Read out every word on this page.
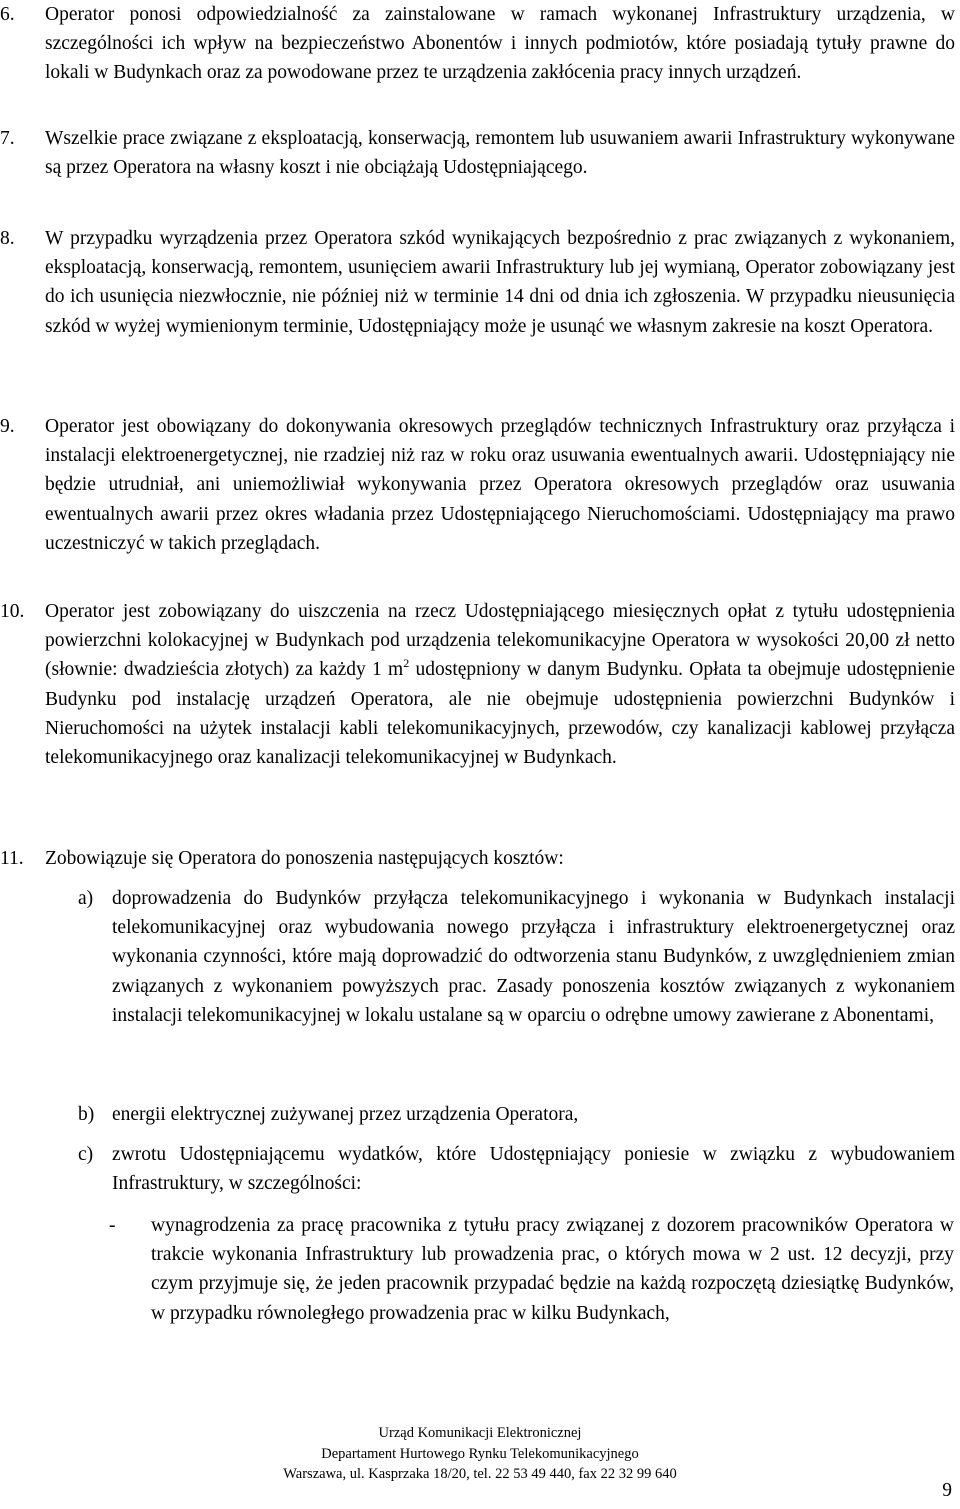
6. Operator ponosi odpowiedzialność za zainstalowane w ramach wykonanej Infrastruktury urządzenia, w szczególności ich wpływ na bezpieczeństwo Abonentów i innych podmiotów, które posiadają tytuły prawne do lokali w Budynkach oraz za powodowane przez te urządzenia zakłócenia pracy innych urządzeń.
7. Wszelkie prace związane z eksploatacją, konserwacją, remontem lub usuwaniem awarii Infrastruktury wykonywane są przez Operatora na własny koszt i nie obciążają Udostępniającego.
8. W przypadku wyrządzenia przez Operatora szkód wynikających bezpośrednio z prac związanych z wykonaniem, eksploatacją, konserwacją, remontem, usunięciem awarii Infrastruktury lub jej wymianą, Operator zobowiązany jest do ich usunięcia niezwłocznie, nie później niż w terminie 14 dni od dnia ich zgłoszenia. W przypadku nieusunięcia szkód w wyżej wymienionym terminie, Udostępniający może je usunąć we własnym zakresie na koszt Operatora.
9. Operator jest obowiązany do dokonywania okresowych przeglądów technicznych Infrastruktury oraz przyłącza i instalacji elektroenergetycznej, nie rzadziej niż raz w roku oraz usuwania ewentualnych awarii. Udostępniający nie będzie utrudniał, ani uniemożliwiał wykonywania przez Operatora okresowych przeglądów oraz usuwania ewentualnych awarii przez okres władania przez Udostępniającego Nieruchomościami. Udostępniający ma prawo uczestniczyć w takich przeglądach.
10. Operator jest zobowiązany do uiszczenia na rzecz Udostępniającego miesięcznych opłat z tytułu udostępnienia powierzchni kolokacyjnej w Budynkach pod urządzenia telekomunikacyjne Operatora w wysokości 20,00 zł netto (słownie: dwadzieścia złotych) za każdy 1 $m^2$ udostępniony w danym Budynku. Opłata ta obejmuje udostępnienie Budynku pod instalację urządzeń Operatora, ale nie obejmuje udostępnienia powierzchni Budynków i Nieruchomości na użytek instalacji kabli telekomunikacyjnych, przewodów, czy kanalizacji kablowej przyłącza telekomunikacyjnego oraz kanalizacji telekomunikacyjnej w Budynkach.
11. Zobowiązuje się Operatora do ponoszenia następujących kosztów:
a) doprowadzenia do Budynków przyłącza telekomunikacyjnego i wykonania w Budynkach instalacji telekomunikacyjnej oraz wybudowania nowego przyłącza i infrastruktury elektroenergetycznej oraz wykonania czynności, które mają doprowadzić do odtworzenia stanu Budynków, z uwzględnieniem zmian związanych z wykonaniem powyższych prac. Zasady ponoszenia kosztów związanych z wykonaniem instalacji telekomunikacyjnej w lokalu ustalane są w oparciu o odrębne umowy zawierane z Abonentami,
b) energii elektrycznej zużywanej przez urządzenia Operatora,
c) zwrotu Udostępniającemu wydatków, które Udostępniający poniesie w związku z wybudowaniem Infrastruktury, w szczególności:
- wynagrodzenia za pracę pracownika z tytułu pracy związanej z dozorem pracowników Operatora w trakcie wykonania Infrastruktury lub prowadzenia prac, o których mowa w 2 ust. 12 decyzji, przy czym przyjmuje się, że jeden pracownik przypadać będzie na każdą rozpoczętą dziesiątkę Budynków, w przypadku równoległego prowadzenia prac w kilku Budynkach,
Urząd Komunikacji Elektronicznej
Departament Hurtowego Rynku Telekomunikacyjnego
Warszawa, ul. Kasprzaka 18/20, tel. 22 53 49 440, fax 22 32 99 640
9
